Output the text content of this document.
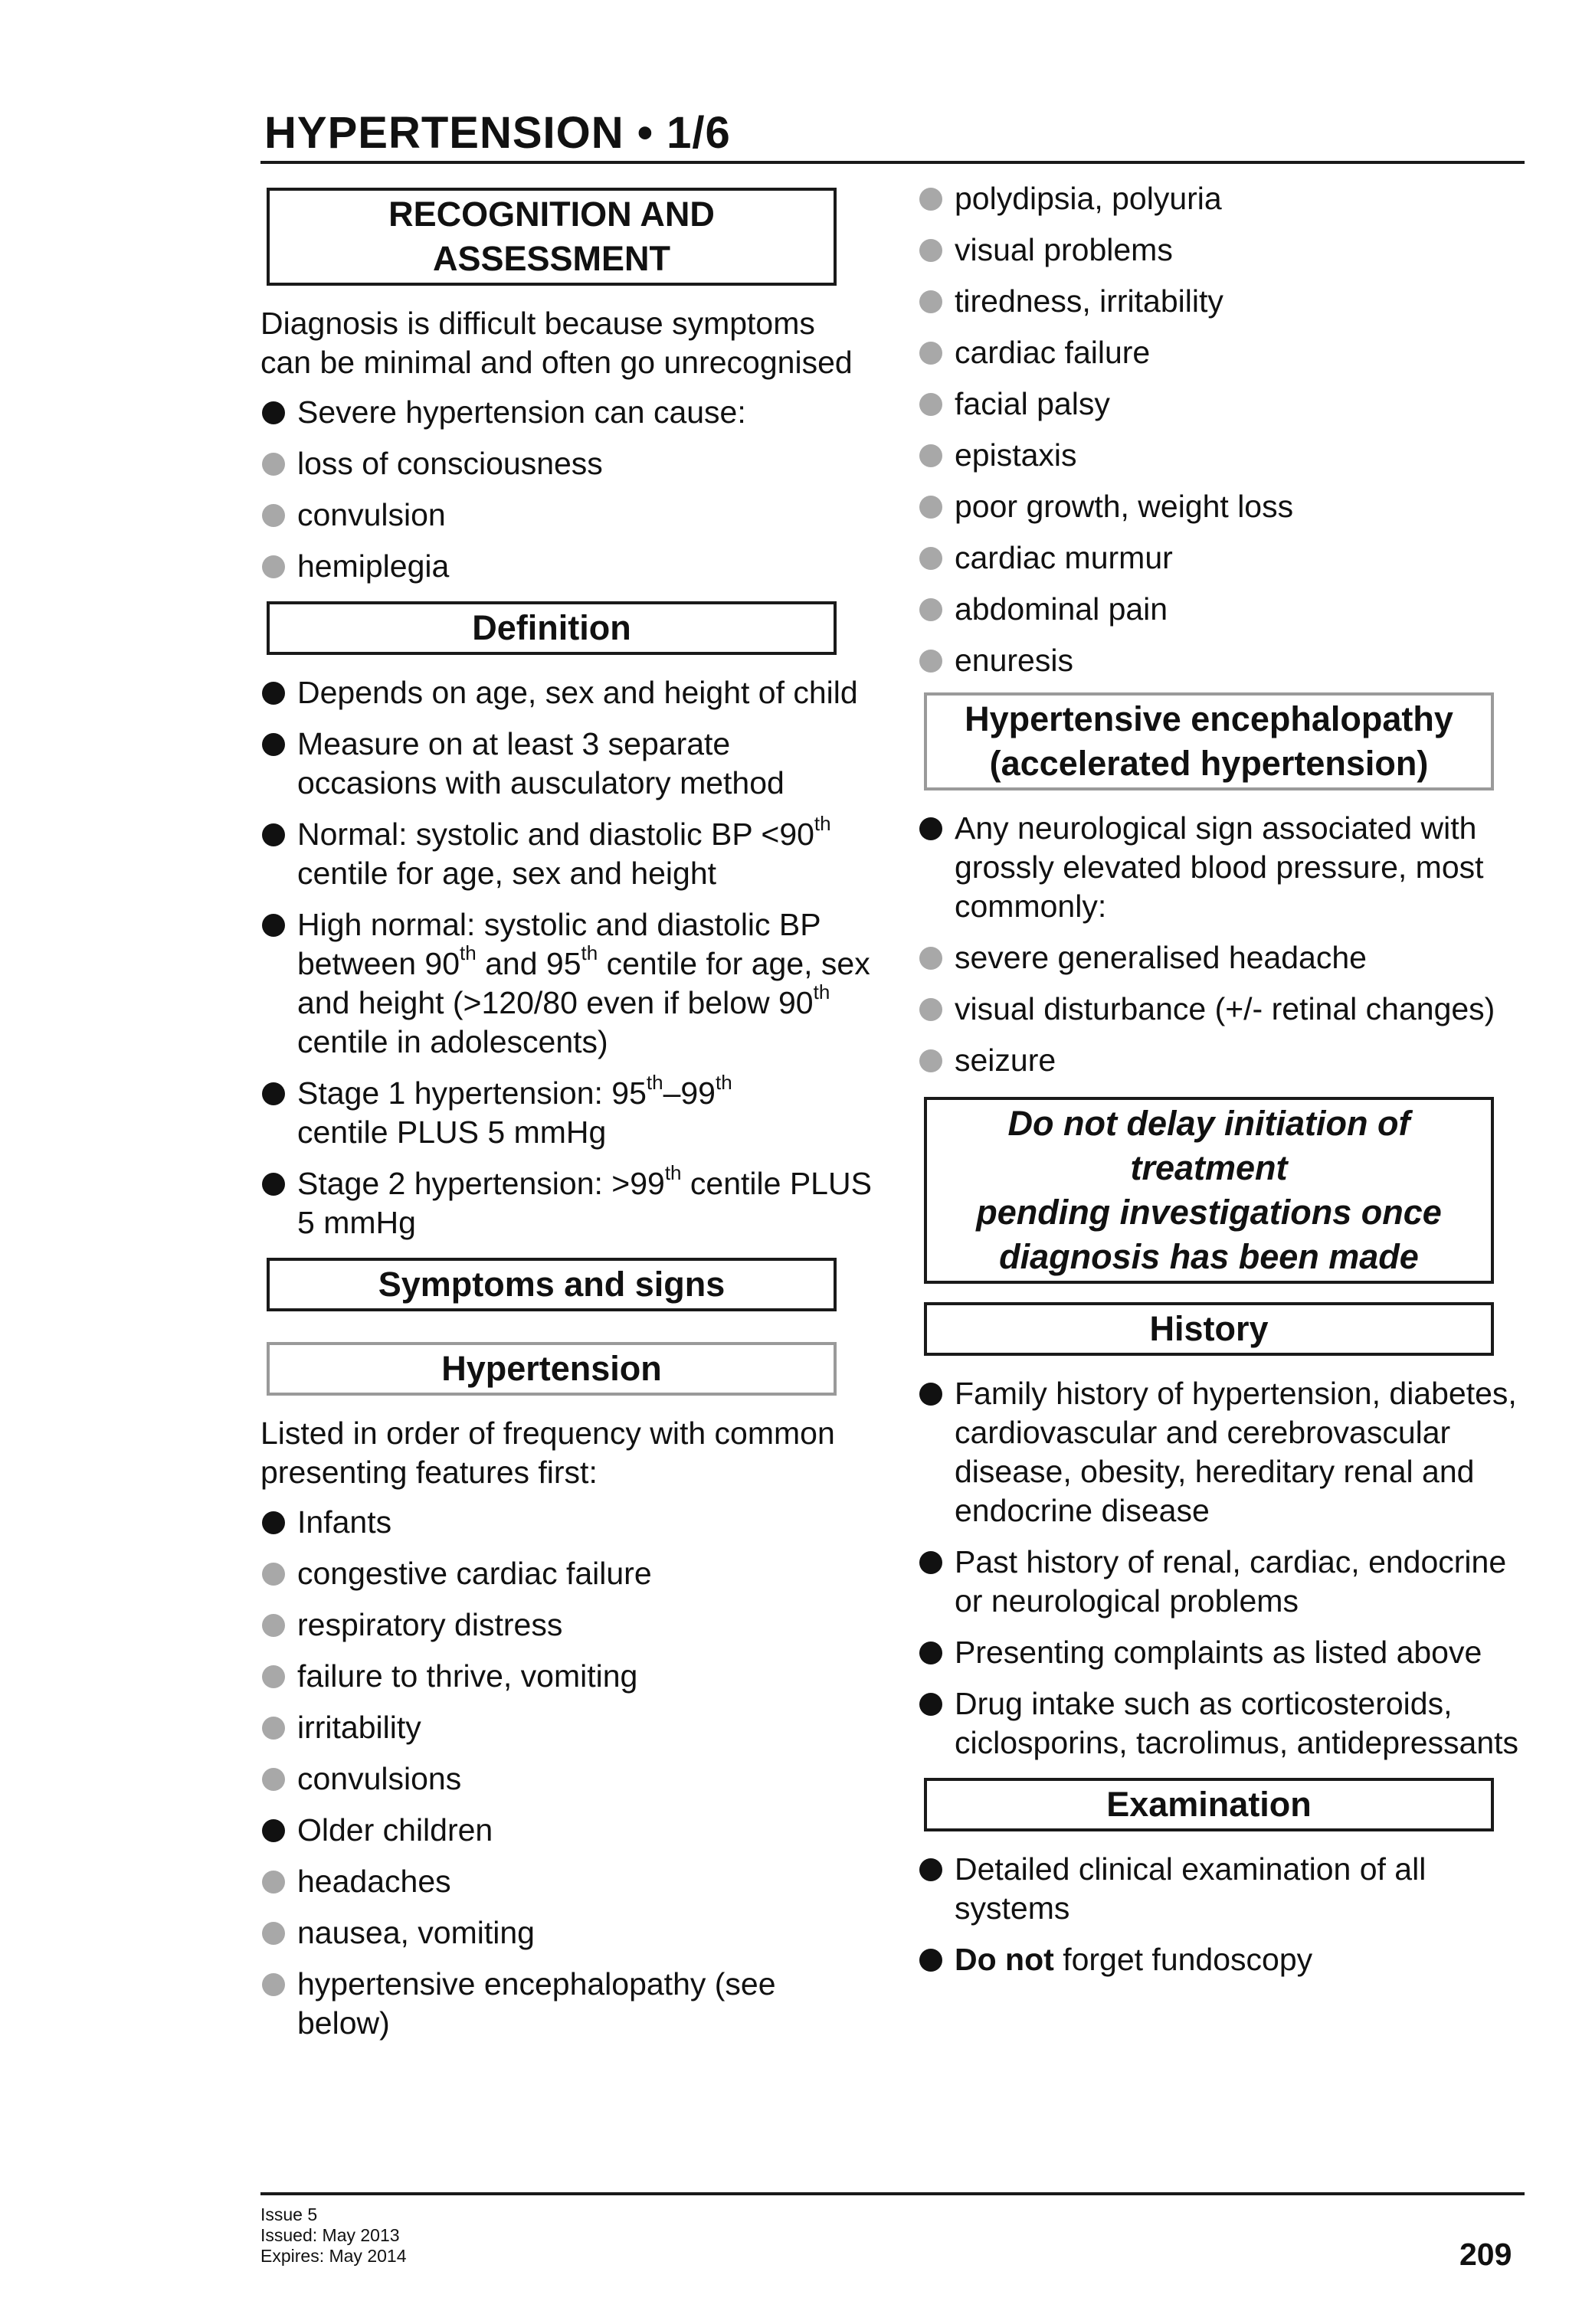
HYPERTENSION • 1/6
RECOGNITION AND
ASSESSMENT
Diagnosis is difficult because symptoms can be minimal and often go unrecognised
Severe hypertension can cause:
loss of consciousness
convulsion
hemiplegia
Definition
Depends on age, sex and height of child
Measure on at least 3 separate occasions with ausculatory method
Normal: systolic and diastolic BP <90th
centile for age, sex and height
High normal: systolic and diastolic BP between 90th and 95th centile for age, sex and height (>120/80 even if below 90th centile in adolescents)
Stage 1 hypertension: 95th–99th
centile PLUS 5 mmHg
Stage 2 hypertension: >99th centile PLUS 5 mmHg
Symptoms and signs
Hypertension
Listed in order of frequency with common presenting features first:
Infants
congestive cardiac failure
respiratory distress
failure to thrive, vomiting
irritability
convulsions
Older children
headaches
nausea, vomiting
hypertensive encephalopathy (see below)
polydipsia, polyuria
visual problems
tiredness, irritability
cardiac failure
facial palsy
epistaxis
poor growth, weight loss
cardiac murmur
abdominal pain
enuresis
Hypertensive encephalopathy
(accelerated hypertension)
Any neurological sign associated with grossly elevated blood pressure, most commonly:
severe generalised headache
visual disturbance (+/- retinal changes)
seizure
Do not delay initiation of treatment
pending investigations once
diagnosis has been made
History
Family history of hypertension, diabetes, cardiovascular and cerebrovascular disease, obesity, hereditary renal and endocrine disease
Past history of renal, cardiac, endocrine or neurological problems
Presenting complaints as listed above
Drug intake such as corticosteroids, ciclosporins, tacrolimus, antidepressants
Examination
Detailed clinical examination of all systems
Do not forget fundoscopy
Issue 5
Issued: May 2013
Expires: May 2014	209
